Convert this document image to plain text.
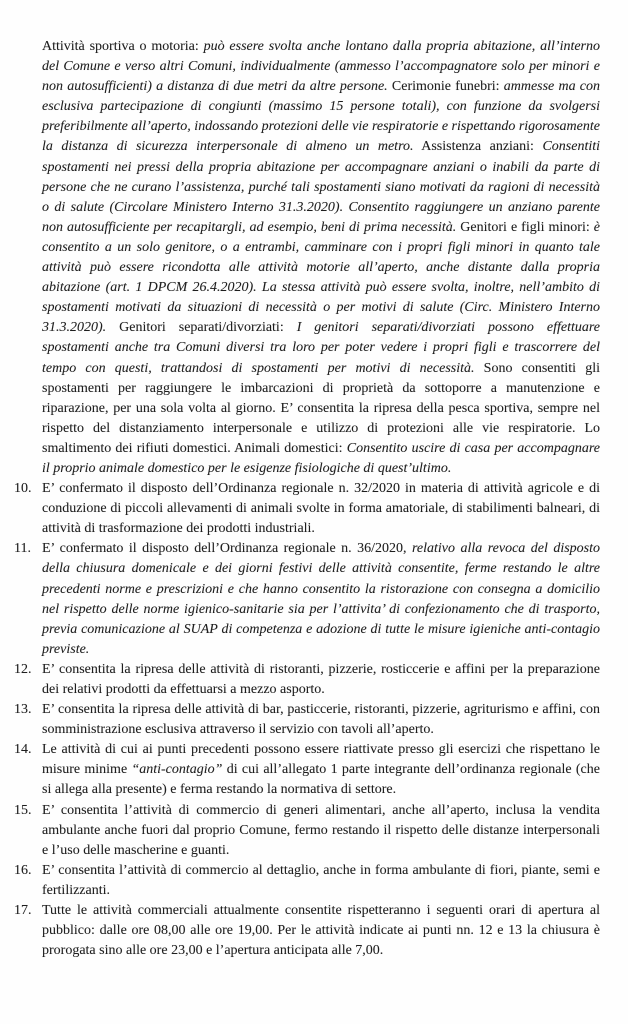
Attività sportiva o motoria: può essere svolta anche lontano dalla propria abitazione, all’interno del Comune e verso altri Comuni, individualmente (ammesso l’accompagnatore solo per minori e non autosufficienti) a distanza di due metri da altre persone. Cerimonie funebri: ammesse ma con esclusiva partecipazione di congiunti (massimo 15 persone totali), con funzione da svolgersi preferibilmente all’aperto, indossando protezioni delle vie respiratorie e rispettando rigorosamente la distanza di sicurezza interpersonale di almeno un metro. Assistenza anziani: Consentiti spostamenti nei pressi della propria abitazione per accompagnare anziani o inabili da parte di persone che ne curano l’assistenza, purché tali spostamenti siano motivati da ragioni di necessità o di salute (Circolare Ministero Interno 31.3.2020). Consentito raggiungere un anziano parente non autosufficiente per recapitargli, ad esempio, beni di prima necessità. Genitori e figli minori: è consentito a un solo genitore, o a entrambi, camminare con i propri figli minori in quanto tale attività può essere ricondotta alle attività motorie all’aperto, anche distante dalla propria abitazione (art. 1 DPCM 26.4.2020). La stessa attività può essere svolta, inoltre, nell’ambito di spostamenti motivati da situazioni di necessità o per motivi di salute (Circ. Ministero Interno 31.3.2020). Genitori separati/divorziati: I genitori separati/divorziati possono effettuare spostamenti anche tra Comuni diversi tra loro per poter vedere i propri figli e trascorrere del tempo con questi, trattandosi di spostamenti per motivi di necessità. Sono consentiti gli spostamenti per raggiungere le imbarcazioni di proprietà da sottoporre a manutenzione e riparazione, per una sola volta al giorno. E’ consentita la ripresa della pesca sportiva, sempre nel rispetto del distanziamento interpersonale e utilizzo di protezioni alle vie respiratorie. Lo smaltimento dei rifiuti domestici. Animali domestici: Consentito uscire di casa per accompagnare il proprio animale domestico per le esigenze fisiologiche di quest’ultimo.

10. E’ confermato il disposto dell’Ordinanza regionale n. 32/2020 in materia di attività agricole e di conduzione di piccoli allevamenti di animali svolte in forma amatoriale, di stabilimenti balneari, di attività di trasformazione dei prodotti industriali.
11. E’ confermato il disposto dell’Ordinanza regionale n. 36/2020, relativo alla revoca del disposto della chiusura domenicale e dei giorni festivi delle attività consentite, ferme restando le altre precedenti norme e prescrizioni e che hanno consentito la ristorazione con consegna a domicilio nel rispetto delle norme igienico-sanitarie sia per l’attivita’ di confezionamento che di trasporto, previa comunicazione al SUAP di competenza e adozione di tutte le misure igieniche anti-contagio previste.
12. E’ consentita la ripresa delle attività di ristoranti, pizzerie, rosticcerie e affini per la preparazione dei relativi prodotti da effettuarsi a mezzo asporto.
13. E’ consentita la ripresa delle attività di bar, pasticcerie, ristoranti, pizzerie, agriturismo e affini, con somministrazione esclusiva attraverso il servizio con tavoli all’aperto.
14. Le attività di cui ai punti precedenti possono essere riattivate presso gli esercizi che rispettano le misure minime “anti-contagio” di cui all’allegato 1 parte integrante dell’ordinanza regionale (che si allega alla presente) e ferma restando la normativa di settore.
15. E’ consentita l’attività di commercio di generi alimentari, anche all’aperto, inclusa la vendita ambulante anche fuori dal proprio Comune, fermo restando il rispetto delle distanze interpersonali e l’uso delle mascherine e guanti.
16. E’ consentita l’attività di commercio al dettaglio, anche in forma ambulante di fiori, piante, semi e fertilizzanti.
17. Tutte le attività commerciali attualmente consentite rispetteranno i seguenti orari di apertura al pubblico: dalle ore 08,00 alle ore 19,00. Per le attività indicate ai punti nn. 12 e 13 la chiusura è prorogata sino alle ore 23,00 e l’apertura anticipata alle 7,00.
